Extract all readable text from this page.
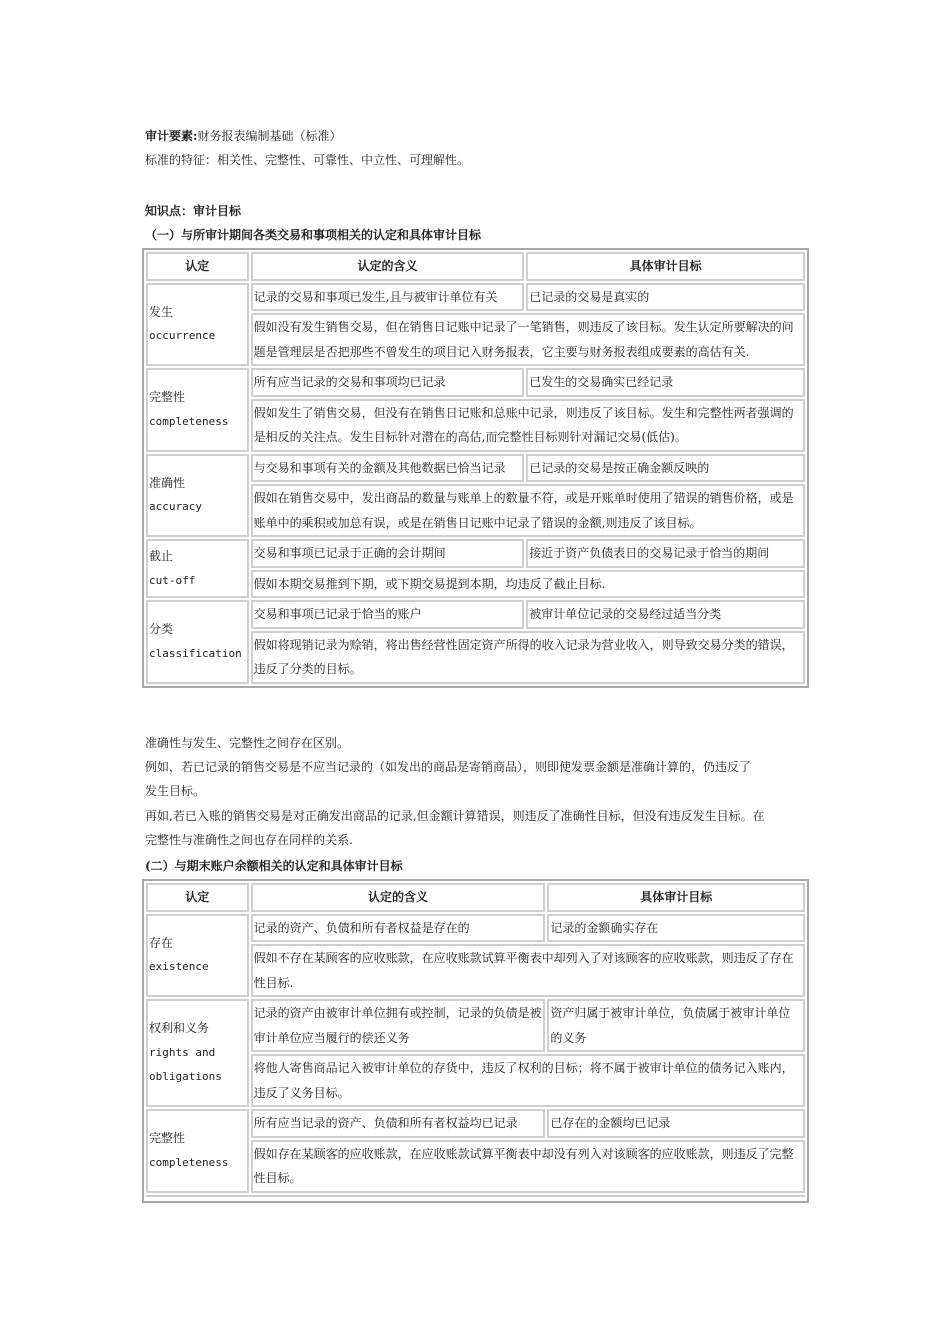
审计要素:财务报表编制基础（标准）
标准的特征：相关性、完整性、可靠性、中立性、可理解性。
知识点：审计目标
（一）与所审计期间各类交易和事项相关的认定和具体审计目标
认定	认定的含义	具体审计目标

发生
occurrence	记录的交易和事项已发生,且与被审计单位有关	已记录的交易是真实的
	假如没有发生销售交易，但在销售日记账中记录了一笔销售，则违反了该目标。发生认定所要解决的问题是管理层是否把那些不曾发生的项目记入财务报表，它主要与财务报表组成要素的高估有关.	

完整性
completeness	所有应当记录的交易和事项均已记录	已发生的交易确实已经记录
	假如发生了销售交易，但没有在销售日记账和总账中记录，则违反了该目标。发生和完整性两者强调的是相反的关注点。发生目标针对潜在的高估,而完整性目标则针对漏记交易(低估)。	

准确性
accuracy	与交易和事项有关的金额及其他数据已恰当记录	已记录的交易是按正确金额反映的
	假如在销售交易中，发出商品的数量与账单上的数量不符，或是开账单时使用了错误的销售价格，或是账单中的乘积或加总有误，或是在销售日记账中记录了错误的金额,则违反了该目标。	

截止
cut-off	交易和事项已记录于正确的会计期间	接近于资产负债表日的交易记录于恰当的期间
	假如本期交易推到下期，或下期交易提到本期，均违反了截止目标.	

分类
classification	交易和事项已记录于恰当的账户	被审计单位记录的交易经过适当分类
	假如将现销记录为赊销，将出售经营性固定资产所得的收入记录为营业收入，则导致交易分类的错误，违反了分类的目标。	
准确性与发生、完整性之间存在区别。
例如，若已记录的销售交易是不应当记录的（如发出的商品是寄销商品），则即使发票金额是准确计算的，仍违反了
发生目标。
再如,若已入账的销售交易是对正确发出商品的记录,但金额计算错误，则违反了准确性目标，但没有违反发生目标。在
完整性与准确性之间也存在同样的关系.
(二）与期末账户余额相关的认定和具体审计目标
认定	认定的含义	具体审计目标

存在
existence	记录的资产、负债和所有者权益是存在的	记录的金额确实存在
	假如不存在某顾客的应收账款，在应收账款试算平衡表中却列入了对该顾客的应收账款，则违反了存在性目标.	

权利和义务
rights and obligations	记录的资产由被审计单位拥有或控制，记录的负债是被审计单位应当履行的偿还义务	资产归属于被审计单位，负债属于被审计单位的义务
	将他人寄售商品记入被审计单位的存货中，违反了权利的目标；将不属于被审计单位的债务记入账内，违反了义务目标。	

完整性
completeness	所有应当记录的资产、负债和所有者权益均已记录	已存在的金额均已记录
	假如存在某顾客的应收账款，在应收账款试算平衡表中却没有列入对该顾客的应收账款，则违反了完整性目标。	
